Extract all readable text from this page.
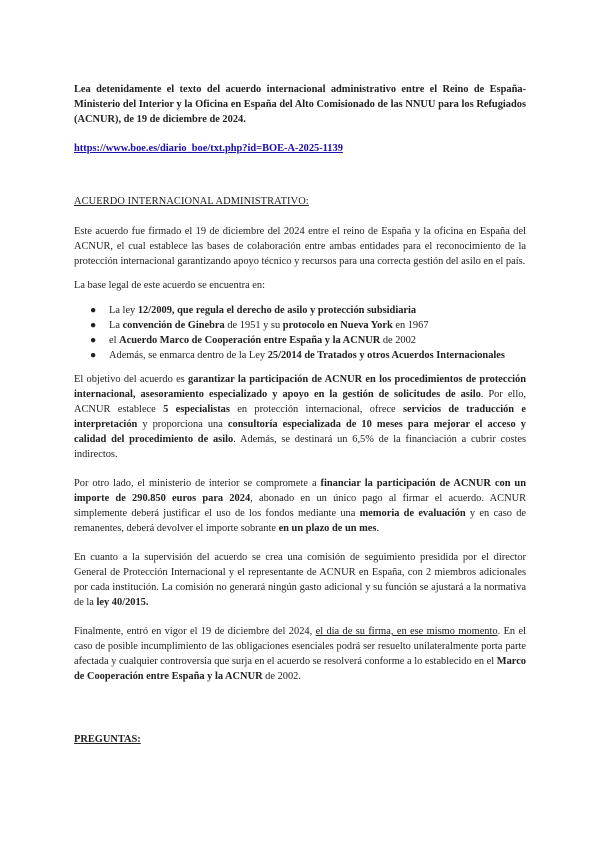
Lea detenidamente el texto del acuerdo internacional administrativo entre el Reino de España-Ministerio del Interior y la Oficina en España del Alto Comisionado de las NNUU para los Refugiados (ACNUR), de 19 de diciembre de 2024.

https://www.boe.es/diario_boe/txt.php?id=BOE-A-2025-1139

ACUERDO INTERNACIONAL ADMINISTRATIVO:

Este acuerdo fue firmado el 19 de diciembre del 2024 entre el reino de España y la oficina en España del ACNUR, el cual establece las bases de colaboración entre ambas entidades para el reconocimiento de la protección internacional garantizando apoyo técnico y recursos para una correcta gestión del asilo en el país.

La base legal de este acuerdo se encuentra en:

● La ley 12/2009, que regula el derecho de asilo y protección subsidiaria
● La convención de Ginebra de 1951 y su protocolo en Nueva York en 1967
● el Acuerdo Marco de Cooperación entre España y la ACNUR de 2002
● Además, se enmarca dentro de la Ley 25/2014 de Tratados y otros Acuerdos Internacionales

El objetivo del acuerdo es garantizar la participación de ACNUR en los procedimientos de protección internacional, asesoramiento especializado y apoyo en la gestión de solicitudes de asilo. Por ello, ACNUR establece 5 especialistas en protección internacional, ofrece servicios de traducción e interpretación y proporciona una consultoría especializada de 10 meses para mejorar el acceso y calidad del procedimiento de asilo. Además, se destinará un 6,5% de la financiación a cubrir costes indirectos.

Por otro lado, el ministerio de interior se compromete a financiar la participación de ACNUR con un importe de 290.850 euros para 2024, abonado en un único pago al firmar el acuerdo. ACNUR simplemente deberá justificar el uso de los fondos mediante una memoria de evaluación y en caso de remanentes, deberá devolver el importe sobrante en un plazo de un mes.

En cuanto a la supervisión del acuerdo se crea una comisión de seguimiento presidida por el director General de Protección Internacional y el representante de ACNUR en España, con 2 miembros adicionales por cada institución. La comisión no generará ningún gasto adicional y su función se ajustará a la normativa de la ley 40/2015.

Finalmente, entró en vigor el 19 de diciembre del 2024, el día de su firma, en ese mismo momento. En el caso de posible incumplimiento de las obligaciones esenciales podrá ser resuelto unilateralmente porta parte afectada y cualquier controversia que surja en el acuerdo se resolverá conforme a lo establecido en el Marco de Cooperación entre España y la ACNUR de 2002.

PREGUNTAS:
